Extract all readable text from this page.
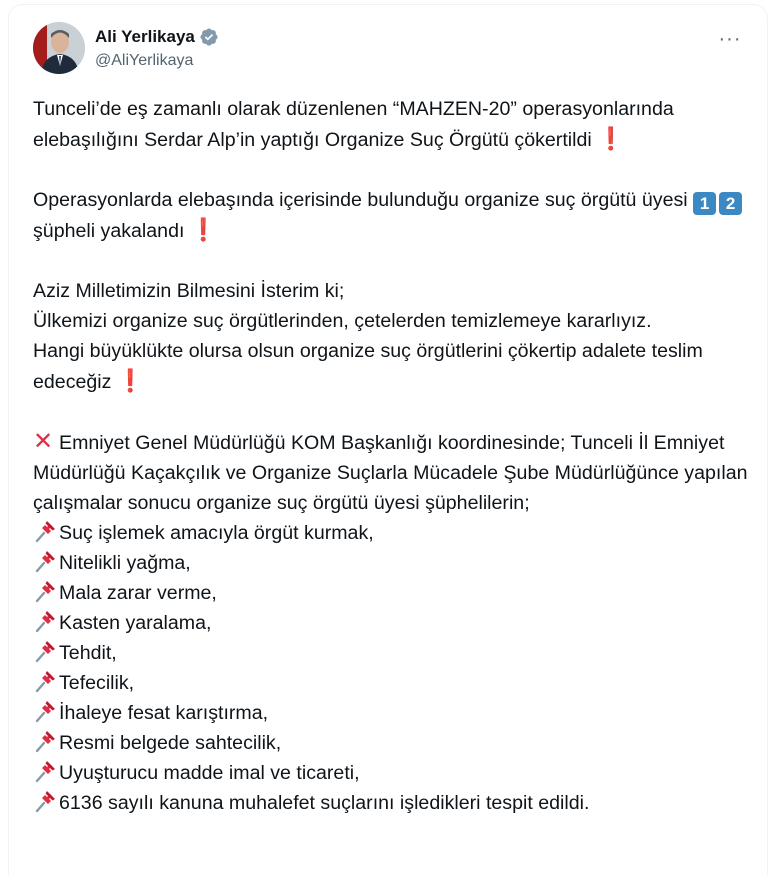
Ali Yerlikaya
@AliYerlikaya
···

Tunceli’de eş zamanlı olarak düzenlenen “MAHZEN-20” operasyonlarında elebaşılığını Serdar Alp’in yaptığı Organize Suç Örgütü çökertildi ❗

Operasyonlarda elebaşında içerisinde bulunduğu organize suç örgütü üyesi 1 2 şüpheli yakalandı ❗

Aziz Milletimizin Bilmesini İsterim ki;
Ülkemizi organize suç örgütlerinden, çetelerden temizlemeye kararlıyız.
Hangi büyüklükte olursa olsun organize suç örgütlerini çökertip adalete teslim edeceğiz ❗

✕ Emniyet Genel Müdürlüğü KOM Başkanlığı koordinesinde; Tunceli İl Emniyet Müdürlüğü Kaçakçılık ve Organize Suçlarla Mücadele Şube Müdürlüğünce yapılan çalışmalar sonucu organize suç örgütü üyesi şüphelilerin;

Suç işlemek amacıyla örgüt kurmak,
Nitelikli yağma,
Mala zarar verme,
Kasten yaralama,
Tehdit,
Tefecilik,
İhaleye fesat karıştırma,
Resmi belgede sahtecilik,
Uyuşturucu madde imal ve ticareti,
6136 sayılı kanuna muhalefet suçlarını işledikleri tespit edildi.
